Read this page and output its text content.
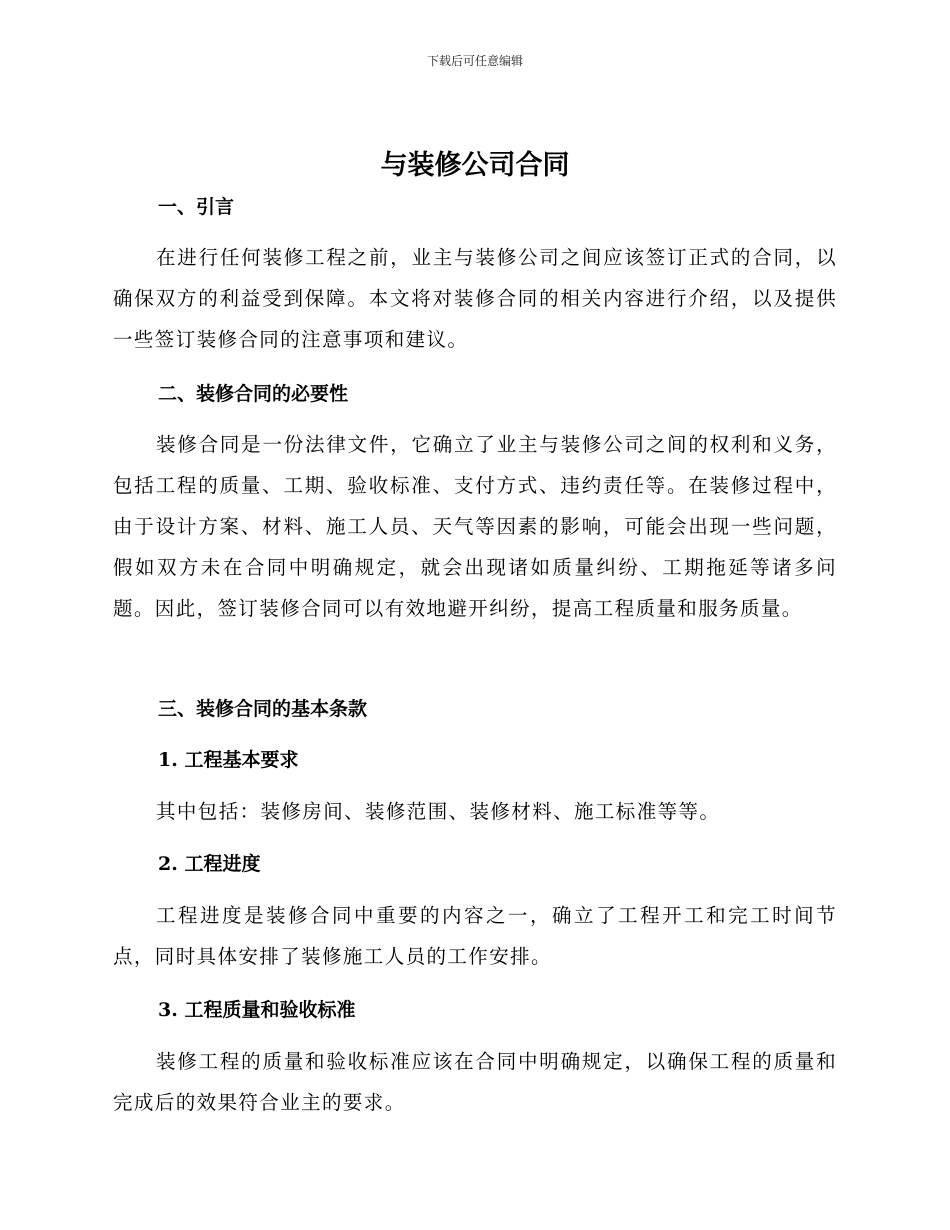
下载后可任意编辑
与装修公司合同
一、引言

在进行任何装修工程之前，业主与装修公司之间应该签订正式的合同，以确保双方的利益受到保障。本文将对装修合同的相关内容进行介绍，以及提供一些签订装修合同的注意事项和建议。

二、装修合同的必要性

装修合同是一份法律文件，它确立了业主与装修公司之间的权利和义务，包括工程的质量、工期、验收标准、支付方式、违约责任等。在装修过程中，由于设计方案、材料、施工人员、天气等因素的影响，可能会出现一些问题，假如双方未在合同中明确规定，就会出现诸如质量纠纷、工期拖延等诸多问题。因此，签订装修合同可以有效地避开纠纷，提高工程质量和服务质量。

三、装修合同的基本条款
1. 工程基本要求

其中包括：装修房间、装修范围、装修材料、施工标准等等。

2. 工程进度

工程进度是装修合同中重要的内容之一，确立了工程开工和完工时间节点，同时具体安排了装修施工人员的工作安排。

3. 工程质量和验收标准

装修工程的质量和验收标准应该在合同中明确规定，以确保工程的质量和完成后的效果符合业主的要求。
